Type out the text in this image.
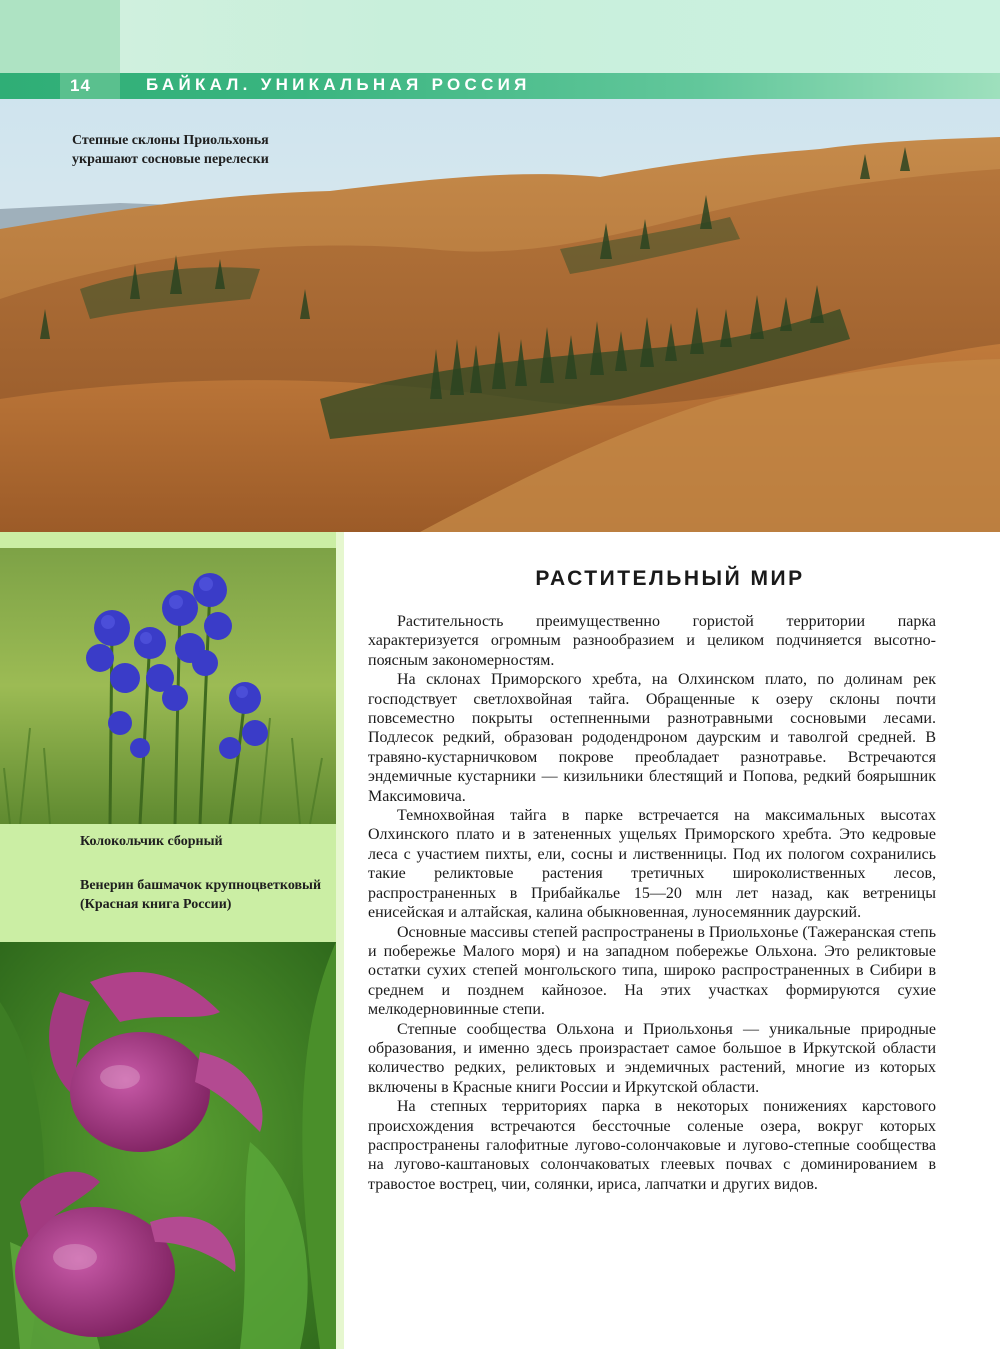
14	БАЙКАЛ. УНИКАЛЬНАЯ РОССИЯ
Степные склоны Приольхонья украшают сосновые перелески
Колокольчик сборный
Венерин башмачок крупноцветковый (Красная книга России)
РАСТИТЕЛЬНЫЙ МИР

Растительность преимущественно гористой территории парка характеризуется огромным разнообразием и целиком подчиняется высотно-поясным закономерностям.

На склонах Приморского хребта, на Олхинском плато, по долинам рек господствует светлохвойная тайга. Обращенные к озеру склоны почти повсеместно покрыты остепненными разнотравными сосновыми лесами. Подлесок редкий, образован рододендроном даурским и таволгой средней. В травяно-кустарничковом покрове преобладает разнотравье. Встречаются эндемичные кустарники — кизильники блестящий и Попова, редкий боярышник Максимовича.

Темнохвойная тайга в парке встречается на максимальных высотах Олхинского плато и в затененных ущельях Приморского хребта. Это кедровые леса с участием пихты, ели, сосны и лиственницы. Под их пологом сохранились такие реликтовые растения третичных широколиственных лесов, распространенных в Прибайкалье 15—20 млн лет назад, как ветреницы енисейская и алтайская, калина обыкновенная, луносемянник даурский.

Основные массивы степей распространены в Приольхонье (Тажеранская степь и побережье Малого моря) и на западном побережье Ольхона. Это реликтовые остатки сухих степей монгольского типа, широко распространенных в Сибири в среднем и позднем кайнозое. На этих участках формируются сухие мелкодерновинные степи.

Степные сообщества Ольхона и Приольхонья — уникальные природные образования, и именно здесь произрастает самое большое в Иркутской области количество редких, реликтовых и эндемичных растений, многие из которых включены в Красные книги России и Иркутской области.

На степных территориях парка в некоторых понижениях карстового происхождения встречаются бессточные соленые озера, вокруг которых распространены галофитные лугово-солончаковые и лугово-степные сообщества на лугово-каштановых солончаковатых глеевых почвах с доминированием в травостое вострец, чии, солянки, ириса, лапчатки и других видов.
